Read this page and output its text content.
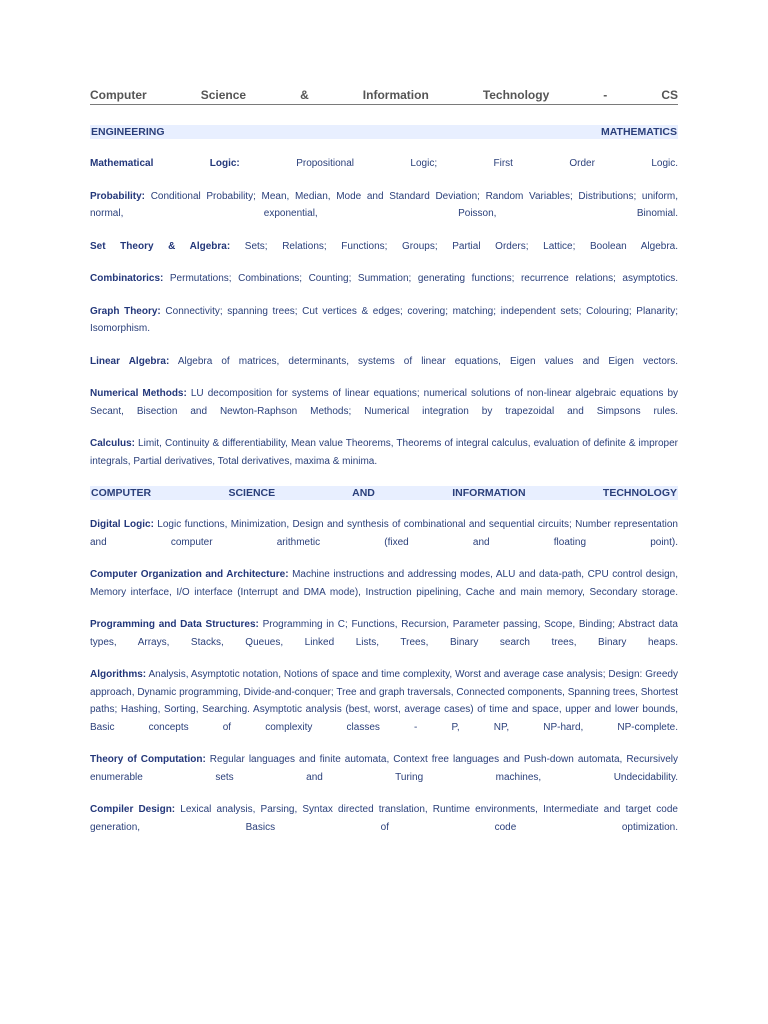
Computer Science & Information Technology - CS

ENGINEERING MATHEMATICS

Mathematical Logic:	Propositional Logic; First Order Logic.

Probability: Conditional Probability; Mean, Median, Mode and Standard Deviation; Random Variables; Distributions; uniform, normal, exponential, Poisson, Binomial.

Set Theory & Algebra: Sets; Relations; Functions; Groups; Partial Orders; Lattice; Boolean Algebra.

Combinatorics: Permutations; Combinations; Counting; Summation; generating functions; recurrence relations; asymptotics.

Graph Theory: Connectivity; spanning trees; Cut vertices & edges; covering; matching; independent sets; Colouring; Planarity; Isomorphism.

Linear Algebra: Algebra of matrices, determinants, systems of linear equations, Eigen values and Eigen vectors.

Numerical Methods: LU decomposition for systems of linear equations; numerical solutions of non-linear algebraic equations by Secant, Bisection and Newton-Raphson Methods; Numerical integration by trapezoidal and Simpsons rules.

Calculus: Limit, Continuity & differentiability, Mean value Theorems, Theorems of integral calculus, evaluation of definite & improper integrals, Partial derivatives, Total derivatives, maxima & minima.

COMPUTER SCIENCE AND INFORMATION TECHNOLOGY

Digital Logic: Logic functions, Minimization, Design and synthesis of combinational and sequential circuits; Number representation and computer arithmetic (fixed and floating point).

Computer Organization and Architecture: Machine instructions and addressing modes, ALU and data-path, CPU control design, Memory interface, I/O interface (Interrupt and DMA mode), Instruction pipelining, Cache and main memory, Secondary storage.

Programming and Data Structures: Programming in C; Functions, Recursion, Parameter passing, Scope, Binding; Abstract data types, Arrays, Stacks, Queues, Linked Lists, Trees, Binary search trees, Binary heaps.

Algorithms: Analysis, Asymptotic notation, Notions of space and time complexity, Worst and average case analysis; Design: Greedy approach, Dynamic programming, Divide-and-conquer; Tree and graph traversals, Connected components, Spanning trees, Shortest paths; Hashing, Sorting, Searching. Asymptotic analysis (best, worst, average cases) of time and space, upper and lower bounds, Basic concepts of complexity classes - P, NP, NP-hard, NP-complete.

Theory of Computation: Regular languages and finite automata, Context free languages and Push-down automata, Recursively enumerable sets and Turing machines, Undecidability.

Compiler Design: Lexical analysis, Parsing, Syntax directed translation, Runtime environments, Intermediate and target code generation, Basics of code optimization.
